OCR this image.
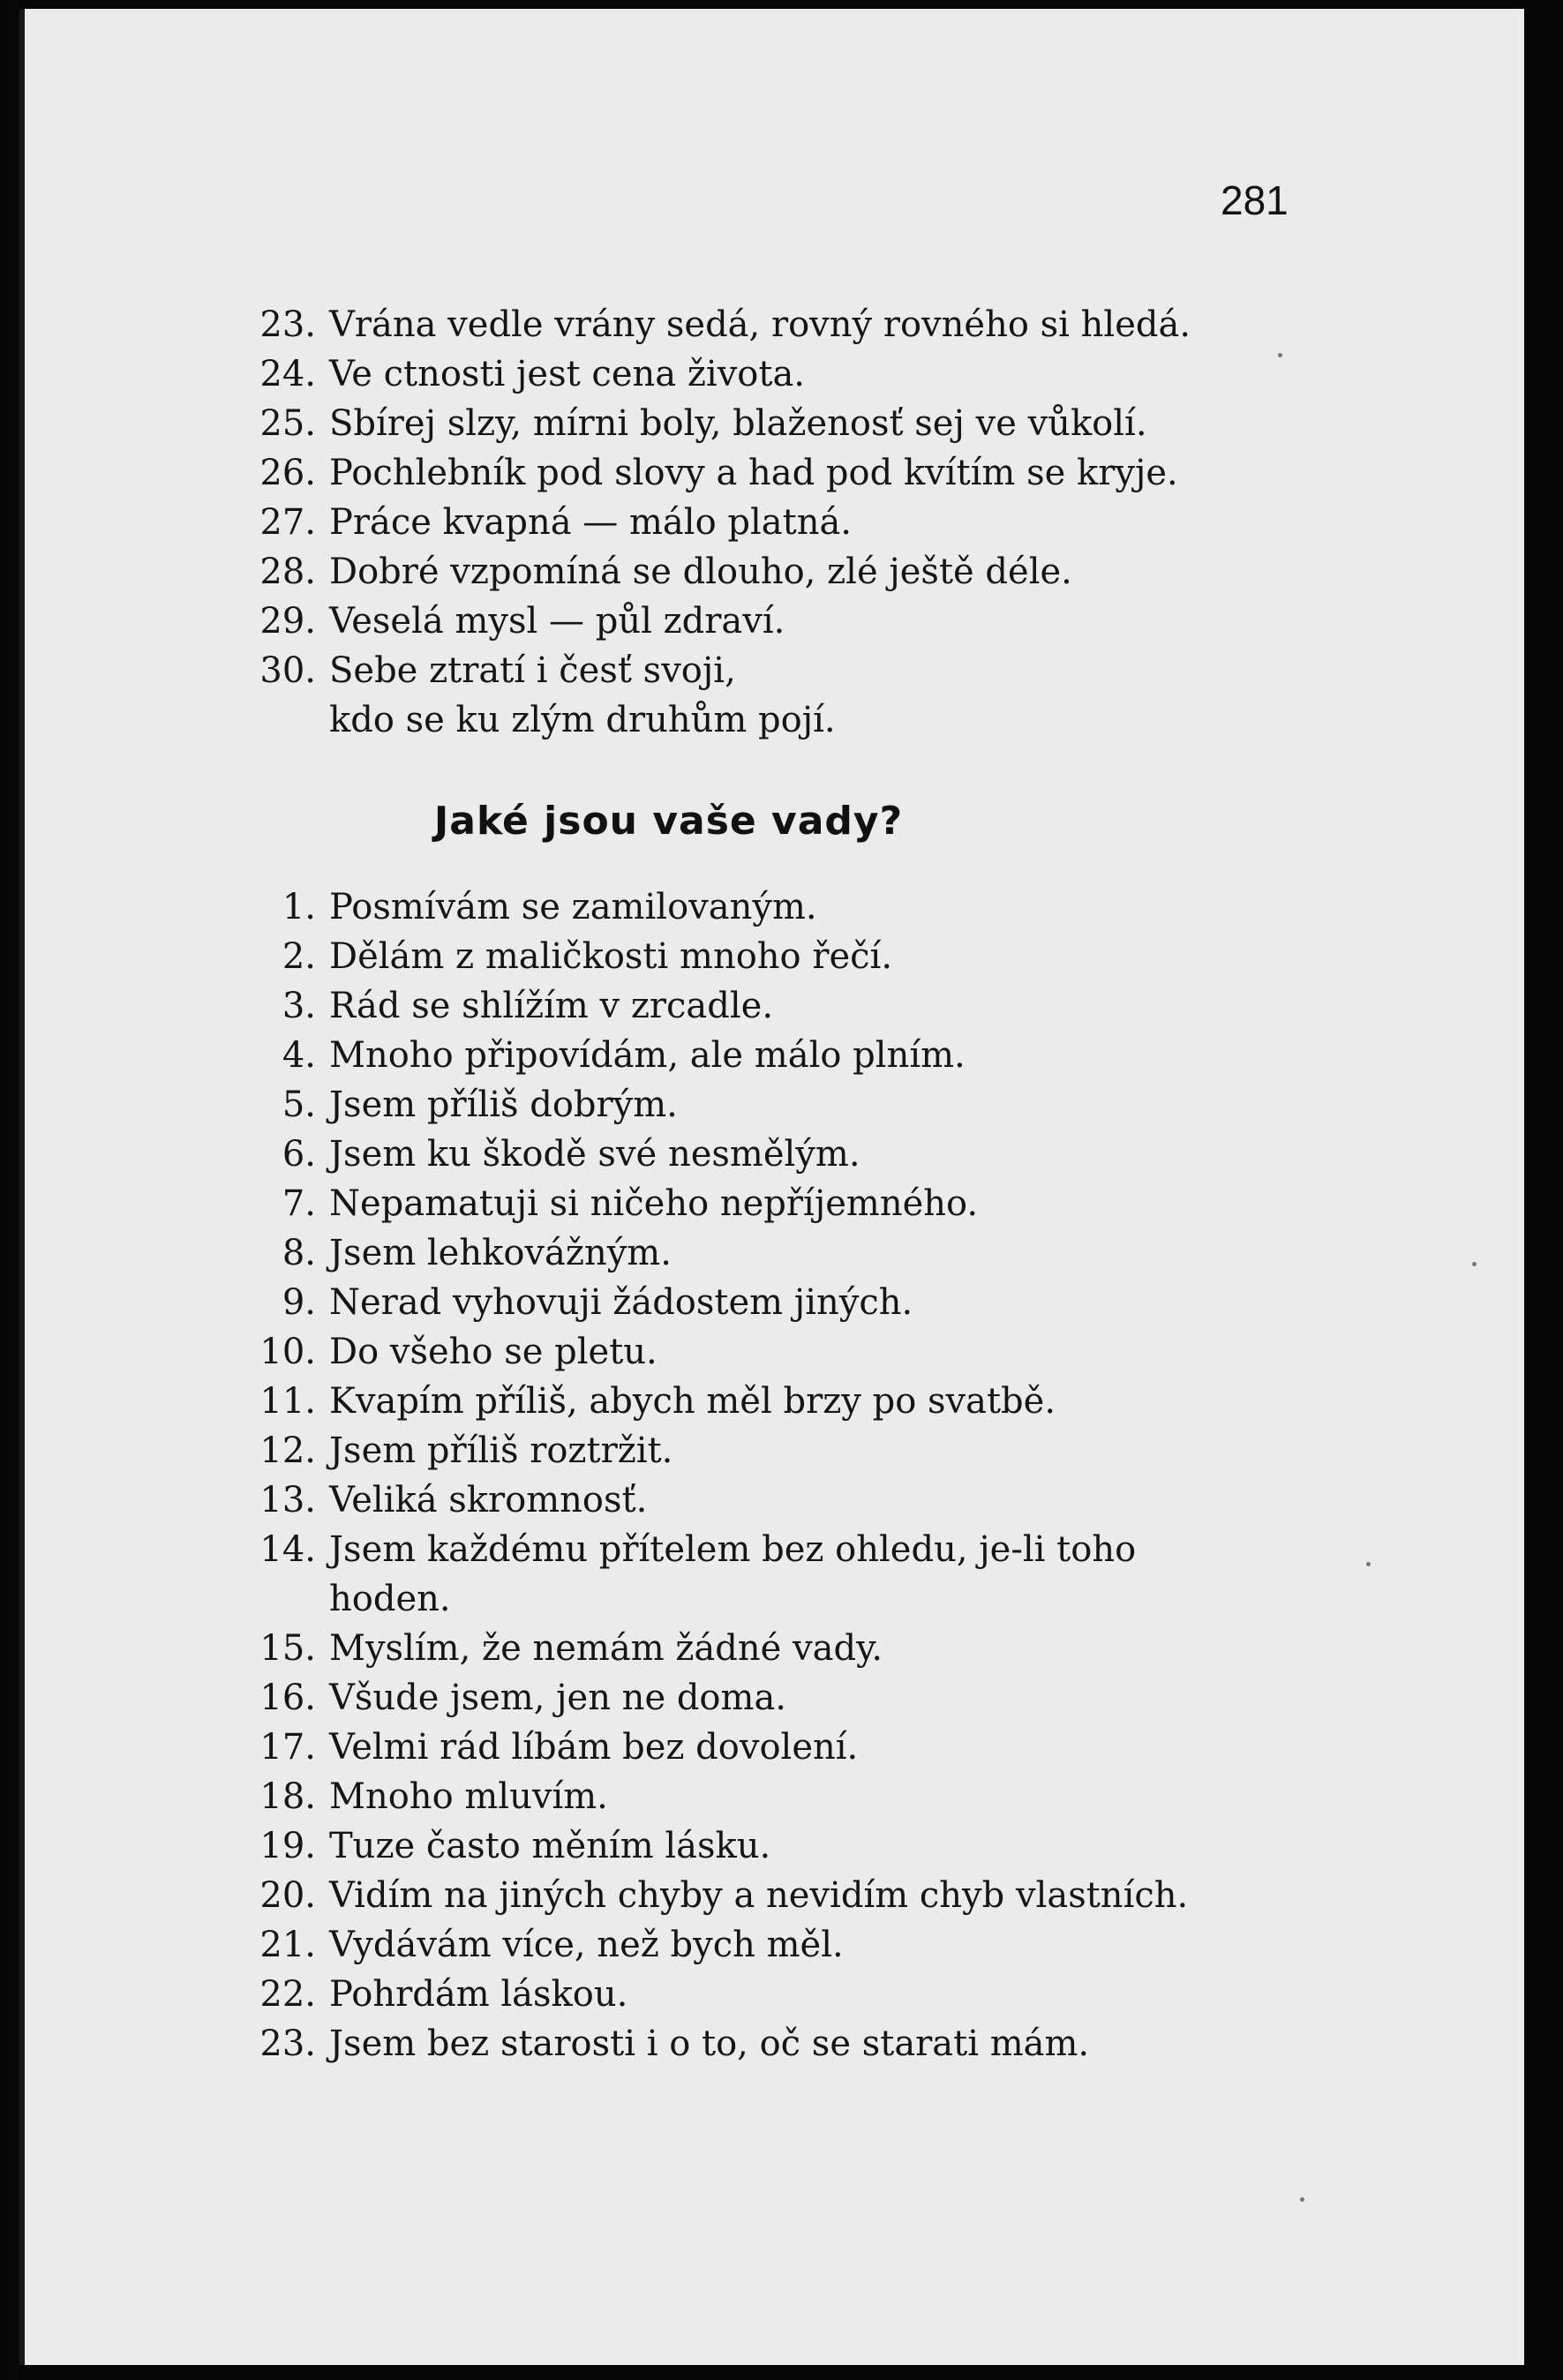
281
23. Vrána vedle vrány sedá, rovný rovného si hledá.
24. Ve ctnosti jest cena života.
25. Sbírej slzy, mírni boly, blaženosť sej ve vůkolí.
26. Pochlebník pod slovy a had pod kvítím se kryje.
27. Práce kvapná — málo platná.
28. Dobré vzpomíná se dlouho, zlé ještě déle.
29. Veselá mysl — půl zdraví.
30. Sebe ztratí i česť svoji,
kdo se ku zlým druhům pojí.
Jaké jsou vaše vady?
1. Posmívám se zamilovaným.
2. Dělám z maličkosti mnoho řečí.
3. Rád se shlížím v zrcadle.
4. Mnoho připovídám, ale málo plním.
5. Jsem příliš dobrým.
6. Jsem ku škodě své nesmělým.
7. Nepamatuji si ničeho nepříjemného.
8. Jsem lehkovážným.
9. Nerad vyhovuji žádostem jiných.
10. Do všeho se pletu.
11. Kvapím příliš, abych měl brzy po svatbě.
12. Jsem příliš roztržit.
13. Veliká skromnosť.
14. Jsem každému přítelem bez ohledu, je-li toho
hoden.
15. Myslím, že nemám žádné vady.
16. Všude jsem, jen ne doma.
17. Velmi rád líbám bez dovolení.
18. Mnoho mluvím.
19. Tuze často měním lásku.
20. Vidím na jiných chyby a nevidím chyb vlastních.
21. Vydávám více, než bych měl.
22. Pohrdám láskou.
23. Jsem bez starosti i o to, oč se starati mám.
